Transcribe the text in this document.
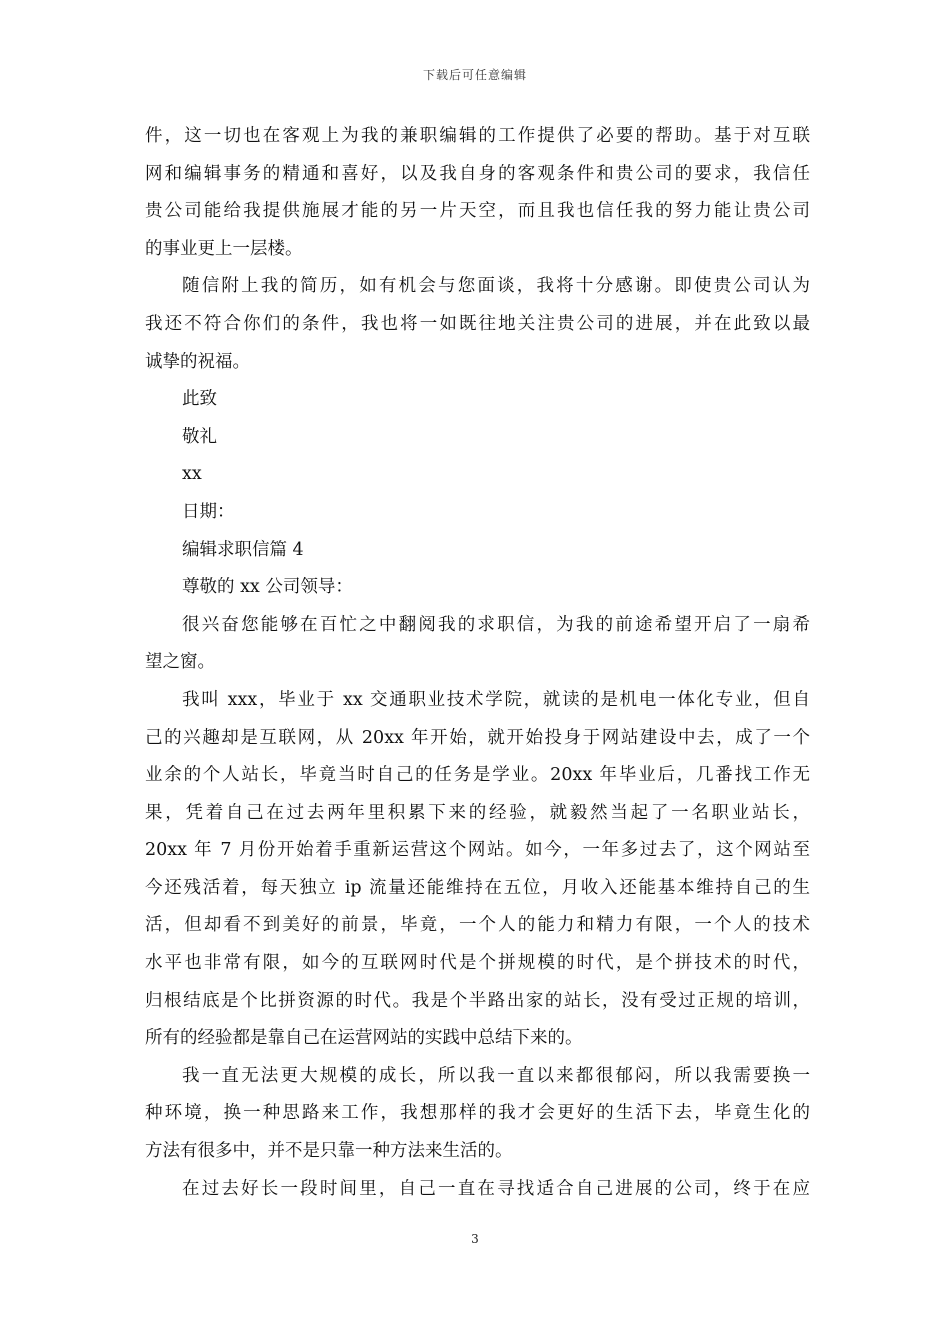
下载后可任意编辑
件，这一切也在客观上为我的兼职编辑的工作提供了必要的帮助。基于对互联
网和编辑事务的精通和喜好，以及我自身的客观条件和贵公司的要求，我信任
贵公司能给我提供施展才能的另一片天空，而且我也信任我的努力能让贵公司
的事业更上一层楼。
随信附上我的简历，如有机会与您面谈，我将十分感谢。即使贵公司认为
我还不符合你们的条件，我也将一如既往地关注贵公司的进展，并在此致以最
诚挚的祝福。
此致
敬礼
xx
日期：
编辑求职信篇 4
尊敬的 xx 公司领导：
很兴奋您能够在百忙之中翻阅我的求职信，为我的前途希望开启了一扇希
望之窗。
我叫 xxx，毕业于 xx 交通职业技术学院，就读的是机电一体化专业，但自
己的兴趣却是互联网，从 20xx 年开始，就开始投身于网站建设中去，成了一个
业余的个人站长，毕竟当时自己的任务是学业。20xx 年毕业后，几番找工作无
果，凭着自己在过去两年里积累下来的经验，就毅然当起了一名职业站长，
20xx 年 7 月份开始着手重新运营这个网站。如今，一年多过去了，这个网站至
今还残活着，每天独立 ip 流量还能维持在五位，月收入还能基本维持自己的生
活，但却看不到美好的前景，毕竟，一个人的能力和精力有限，一个人的技术
水平也非常有限，如今的互联网时代是个拼规模的时代，是个拼技术的时代，
归根结底是个比拼资源的时代。我是个半路出家的站长，没有受过正规的培训，
所有的经验都是靠自己在运营网站的实践中总结下来的。
我一直无法更大规模的成长，所以我一直以来都很郁闷，所以我需要换一
种环境，换一种思路来工作，我想那样的我才会更好的生活下去，毕竟生化的
方法有很多中，并不是只靠一种方法来生活的。
在过去好长一段时间里，自己一直在寻找适合自己进展的公司，终于在应
3
